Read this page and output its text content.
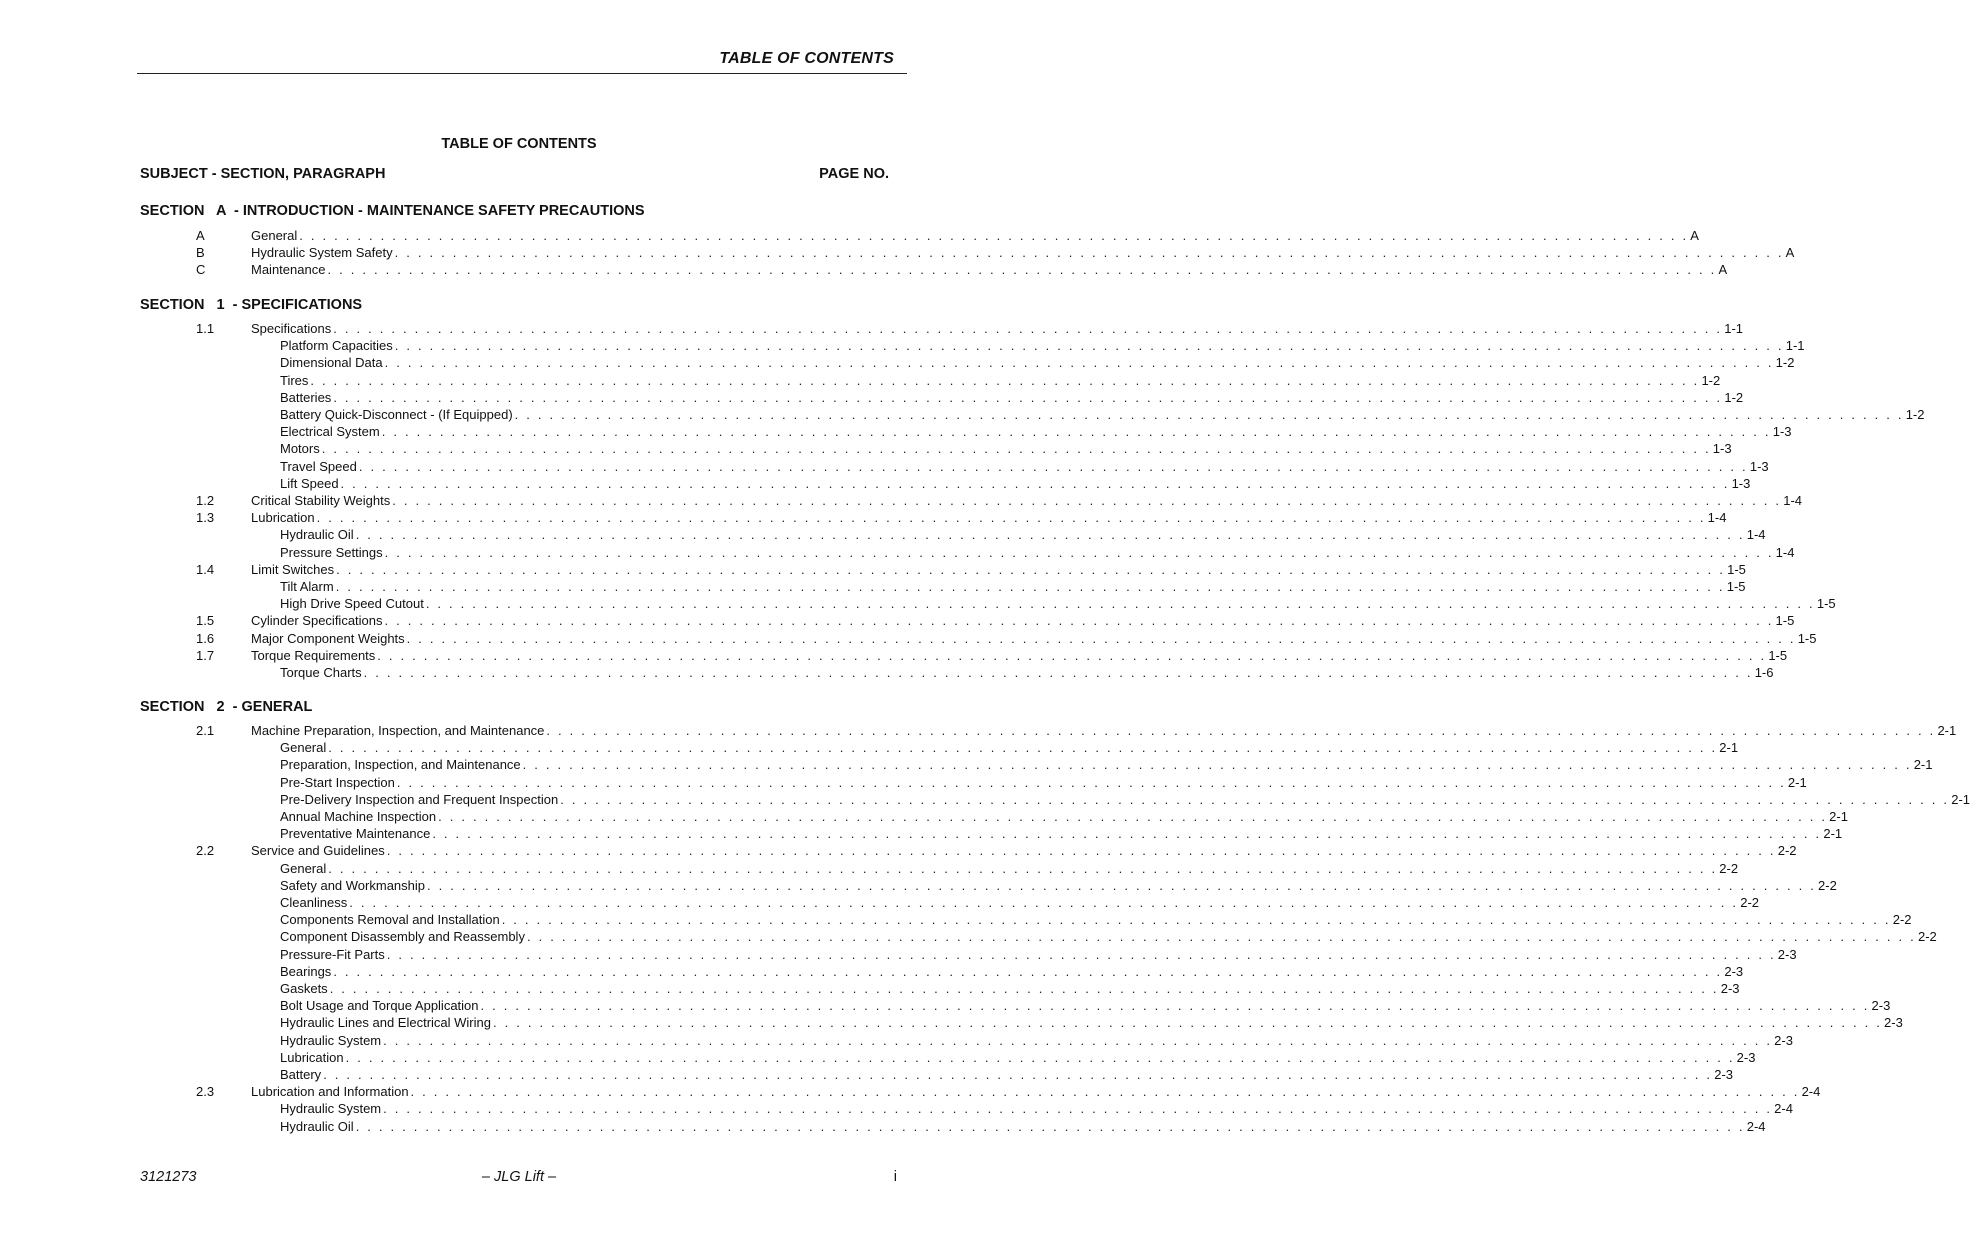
TABLE OF CONTENTS
TABLE OF CONTENTS
SUBJECT - SECTION, PARAGRAPH	PAGE NO.
SECTION   A  - INTRODUCTION - MAINTENANCE SAFETY PRECAUTIONS
A	General . . . . . . . . . . . . . . . . . . . . . . . . . . . . . . . . . . . . . . . . . . . . . . . . . . . . . . . . . . . . . . . . . . . . . . . . . . . . . . . . . . . . . . . . . . . . . . . . . . . . . . . . . . . . . . . . . . . . . . . . A
B	Hydraulic System Safety . . . . . . . . . . . . . . . . . . . . . . . . . . . . . . . . . . . . . . . . . . . . . . . . . . . . . . . . . . . . . . . . . . . . . . . . . . . . . . . . . . . . . . . . . . . . . . . . . . . . . . . . . . . . . . . . . . . . . . . . A
C	Maintenance . . . . . . . . . . . . . . . . . . . . . . . . . . . . . . . . . . . . . . . . . . . . . . . . . . . . . . . . . . . . . . . . . . . . . . . . . . . . . . . . . . . . . . . . . . . . . . . . . . . . . . . . . . . . . . . . . . . . . . . . A
SECTION   1  - SPECIFICATIONS
1.1	Specifications . . . . . . . . . . . . . . . . . . . . . . . . . . . . . . . . . . . . . . . . . . . . . . . . . . . . . . . . . . . . . . . . . . . . . . . . . . . . . . . . . . . . . . . . . . . . . . . . . . . . . . . . . . . . . . . . . . . . . . . . 1-1
Platform Capacities . . . . . . . . . . . . . . . . . . . . . . . . . . . . . . . . . . . . . . . . . . . . . . . . . . . . . . . . . . . . . . . . . . . . . . . . . . . . . . . . . . . . . . . . . . . . . . . . . . . . . . . . . . . . . . . . . . . . . . . . 1-1
Dimensional Data . . . . . . . . . . . . . . . . . . . . . . . . . . . . . . . . . . . . . . . . . . . . . . . . . . . . . . . . . . . . . . . . . . . . . . . . . . . . . . . . . . . . . . . . . . . . . . . . . . . . . . . . . . . . . . . . . . . . . . . . 1-2
Tires . . . . . . . . . . . . . . . . . . . . . . . . . . . . . . . . . . . . . . . . . . . . . . . . . . . . . . . . . . . . . . . . . . . . . . . . . . . . . . . . . . . . . . . . . . . . . . . . . . . . . . . . . . . . . . . . . . . . . . . . 1-2
Batteries . . . . . . . . . . . . . . . . . . . . . . . . . . . . . . . . . . . . . . . . . . . . . . . . . . . . . . . . . . . . . . . . . . . . . . . . . . . . . . . . . . . . . . . . . . . . . . . . . . . . . . . . . . . . . . . . . . . . . . . . 1-2
Battery Quick-Disconnect - (If Equipped) . . . . . . . . . . . . . . . . . . . . . . . . . . . . . . . . . . . . . . . . . . . . . . . . . . . . . . . . . . . . . . . . . . . . . . . . . . . . . . . . . . . . . . . . . . . . . . . . . . . . . . . . . . . . . . . . . . . . . . . . 1-2
Electrical System . . . . . . . . . . . . . . . . . . . . . . . . . . . . . . . . . . . . . . . . . . . . . . . . . . . . . . . . . . . . . . . . . . . . . . . . . . . . . . . . . . . . . . . . . . . . . . . . . . . . . . . . . . . . . . . . . . . . . . . . 1-3
Motors . . . . . . . . . . . . . . . . . . . . . . . . . . . . . . . . . . . . . . . . . . . . . . . . . . . . . . . . . . . . . . . . . . . . . . . . . . . . . . . . . . . . . . . . . . . . . . . . . . . . . . . . . . . . . . . . . . . . . . . . 1-3
Travel Speed . . . . . . . . . . . . . . . . . . . . . . . . . . . . . . . . . . . . . . . . . . . . . . . . . . . . . . . . . . . . . . . . . . . . . . . . . . . . . . . . . . . . . . . . . . . . . . . . . . . . . . . . . . . . . . . . . . . . . . . . 1-3
Lift Speed . . . . . . . . . . . . . . . . . . . . . . . . . . . . . . . . . . . . . . . . . . . . . . . . . . . . . . . . . . . . . . . . . . . . . . . . . . . . . . . . . . . . . . . . . . . . . . . . . . . . . . . . . . . . . . . . . . . . . . . . 1-3
1.2	Critical Stability Weights . . . . . . . . . . . . . . . . . . . . . . . . . . . . . . . . . . . . . . . . . . . . . . . . . . . . . . . . . . . . . . . . . . . . . . . . . . . . . . . . . . . . . . . . . . . . . . . . . . . . . . . . . . . . . . . . . . . . . . . . 1-4
1.3	Lubrication . . . . . . . . . . . . . . . . . . . . . . . . . . . . . . . . . . . . . . . . . . . . . . . . . . . . . . . . . . . . . . . . . . . . . . . . . . . . . . . . . . . . . . . . . . . . . . . . . . . . . . . . . . . . . . . . . . . . . . . . 1-4
Hydraulic Oil . . . . . . . . . . . . . . . . . . . . . . . . . . . . . . . . . . . . . . . . . . . . . . . . . . . . . . . . . . . . . . . . . . . . . . . . . . . . . . . . . . . . . . . . . . . . . . . . . . . . . . . . . . . . . . . . . . . . . . . . 1-4
Pressure Settings . . . . . . . . . . . . . . . . . . . . . . . . . . . . . . . . . . . . . . . . . . . . . . . . . . . . . . . . . . . . . . . . . . . . . . . . . . . . . . . . . . . . . . . . . . . . . . . . . . . . . . . . . . . . . . . . . . . . . . . . 1-4
1.4	Limit Switches . . . . . . . . . . . . . . . . . . . . . . . . . . . . . . . . . . . . . . . . . . . . . . . . . . . . . . . . . . . . . . . . . . . . . . . . . . . . . . . . . . . . . . . . . . . . . . . . . . . . . . . . . . . . . . . . . . . . . . . . 1-5
Tilt Alarm . . . . . . . . . . . . . . . . . . . . . . . . . . . . . . . . . . . . . . . . . . . . . . . . . . . . . . . . . . . . . . . . . . . . . . . . . . . . . . . . . . . . . . . . . . . . . . . . . . . . . . . . . . . . . . . . . . . . . . . . 1-5
High Drive Speed Cutout . . . . . . . . . . . . . . . . . . . . . . . . . . . . . . . . . . . . . . . . . . . . . . . . . . . . . . . . . . . . . . . . . . . . . . . . . . . . . . . . . . . . . . . . . . . . . . . . . . . . . . . . . . . . . . . . . . . . . . . . 1-5
1.5	Cylinder Specifications . . . . . . . . . . . . . . . . . . . . . . . . . . . . . . . . . . . . . . . . . . . . . . . . . . . . . . . . . . . . . . . . . . . . . . . . . . . . . . . . . . . . . . . . . . . . . . . . . . . . . . . . . . . . . . . . . . . . . . . . 1-5
1.6	Major Component Weights . . . . . . . . . . . . . . . . . . . . . . . . . . . . . . . . . . . . . . . . . . . . . . . . . . . . . . . . . . . . . . . . . . . . . . . . . . . . . . . . . . . . . . . . . . . . . . . . . . . . . . . . . . . . . . . . . . . . . . . . 1-5
1.7	Torque Requirements . . . . . . . . . . . . . . . . . . . . . . . . . . . . . . . . . . . . . . . . . . . . . . . . . . . . . . . . . . . . . . . . . . . . . . . . . . . . . . . . . . . . . . . . . . . . . . . . . . . . . . . . . . . . . . . . . . . . . . . . 1-5
Torque Charts . . . . . . . . . . . . . . . . . . . . . . . . . . . . . . . . . . . . . . . . . . . . . . . . . . . . . . . . . . . . . . . . . . . . . . . . . . . . . . . . . . . . . . . . . . . . . . . . . . . . . . . . . . . . . . . . . . . . . . . . 1-6
SECTION   2  - GENERAL
2.1	Machine Preparation, Inspection, and Maintenance . . . . . . . . . . . . . . . . . . . . . . . . . . . . . . . . . . . . . . . . . . . . . . . . . . . . . . . . . . . . . . . . . . . . . . . . . . . . . . . . . . . . . . . . . . . . . . . . . . . . . . . . . . . . . . . . . . . . . . . . 2-1
General . . . . . . . . . . . . . . . . . . . . . . . . . . . . . . . . . . . . . . . . . . . . . . . . . . . . . . . . . . . . . . . . . . . . . . . . . . . . . . . . . . . . . . . . . . . . . . . . . . . . . . . . . . . . . . . . . . . . . . . . 2-1
Preparation, Inspection, and Maintenance . . . . . . . . . . . . . . . . . . . . . . . . . . . . . . . . . . . . . . . . . . . . . . . . . . . . . . . . . . . . . . . . . . . . . . . . . . . . . . . . . . . . . . . . . . . . . . . . . . . . . . . . . . . . . . . . . . . . . . . . 2-1
Pre-Start Inspection . . . . . . . . . . . . . . . . . . . . . . . . . . . . . . . . . . . . . . . . . . . . . . . . . . . . . . . . . . . . . . . . . . . . . . . . . . . . . . . . . . . . . . . . . . . . . . . . . . . . . . . . . . . . . . . . . . . . . . . . 2-1
Pre-Delivery Inspection and Frequent Inspection . . . . . . . . . . . . . . . . . . . . . . . . . . . . . . . . . . . . . . . . . . . . . . . . . . . . . . . . . . . . . . . . . . . . . . . . . . . . . . . . . . . . . . . . . . . . . . . . . . . . . . . . . . . . . . . . . . . . . . . . 2-1
Annual Machine Inspection . . . . . . . . . . . . . . . . . . . . . . . . . . . . . . . . . . . . . . . . . . . . . . . . . . . . . . . . . . . . . . . . . . . . . . . . . . . . . . . . . . . . . . . . . . . . . . . . . . . . . . . . . . . . . . . . . . . . . . . . 2-1
Preventative Maintenance . . . . . . . . . . . . . . . . . . . . . . . . . . . . . . . . . . . . . . . . . . . . . . . . . . . . . . . . . . . . . . . . . . . . . . . . . . . . . . . . . . . . . . . . . . . . . . . . . . . . . . . . . . . . . . . . . . . . . . . . 2-1
2.2	Service and Guidelines . . . . . . . . . . . . . . . . . . . . . . . . . . . . . . . . . . . . . . . . . . . . . . . . . . . . . . . . . . . . . . . . . . . . . . . . . . . . . . . . . . . . . . . . . . . . . . . . . . . . . . . . . . . . . . . . . . . . . . . . 2-2
General . . . . . . . . . . . . . . . . . . . . . . . . . . . . . . . . . . . . . . . . . . . . . . . . . . . . . . . . . . . . . . . . . . . . . . . . . . . . . . . . . . . . . . . . . . . . . . . . . . . . . . . . . . . . . . . . . . . . . . . . 2-2
Safety and Workmanship . . . . . . . . . . . . . . . . . . . . . . . . . . . . . . . . . . . . . . . . . . . . . . . . . . . . . . . . . . . . . . . . . . . . . . . . . . . . . . . . . . . . . . . . . . . . . . . . . . . . . . . . . . . . . . . . . . . . . . . . 2-2
Cleanliness . . . . . . . . . . . . . . . . . . . . . . . . . . . . . . . . . . . . . . . . . . . . . . . . . . . . . . . . . . . . . . . . . . . . . . . . . . . . . . . . . . . . . . . . . . . . . . . . . . . . . . . . . . . . . . . . . . . . . . . . 2-2
Components Removal and Installation . . . . . . . . . . . . . . . . . . . . . . . . . . . . . . . . . . . . . . . . . . . . . . . . . . . . . . . . . . . . . . . . . . . . . . . . . . . . . . . . . . . . . . . . . . . . . . . . . . . . . . . . . . . . . . . . . . . . . . . . 2-2
Component Disassembly and Reassembly . . . . . . . . . . . . . . . . . . . . . . . . . . . . . . . . . . . . . . . . . . . . . . . . . . . . . . . . . . . . . . . . . . . . . . . . . . . . . . . . . . . . . . . . . . . . . . . . . . . . . . . . . . . . . . . . . . . . . . . . 2-2
Pressure-Fit Parts . . . . . . . . . . . . . . . . . . . . . . . . . . . . . . . . . . . . . . . . . . . . . . . . . . . . . . . . . . . . . . . . . . . . . . . . . . . . . . . . . . . . . . . . . . . . . . . . . . . . . . . . . . . . . . . . . . . . . . . . 2-3
Bearings . . . . . . . . . . . . . . . . . . . . . . . . . . . . . . . . . . . . . . . . . . . . . . . . . . . . . . . . . . . . . . . . . . . . . . . . . . . . . . . . . . . . . . . . . . . . . . . . . . . . . . . . . . . . . . . . . . . . . . . . 2-3
Gaskets . . . . . . . . . . . . . . . . . . . . . . . . . . . . . . . . . . . . . . . . . . . . . . . . . . . . . . . . . . . . . . . . . . . . . . . . . . . . . . . . . . . . . . . . . . . . . . . . . . . . . . . . . . . . . . . . . . . . . . . . 2-3
Bolt Usage and Torque Application . . . . . . . . . . . . . . . . . . . . . . . . . . . . . . . . . . . . . . . . . . . . . . . . . . . . . . . . . . . . . . . . . . . . . . . . . . . . . . . . . . . . . . . . . . . . . . . . . . . . . . . . . . . . . . . . . . . . . . . . 2-3
Hydraulic Lines and Electrical Wiring . . . . . . . . . . . . . . . . . . . . . . . . . . . . . . . . . . . . . . . . . . . . . . . . . . . . . . . . . . . . . . . . . . . . . . . . . . . . . . . . . . . . . . . . . . . . . . . . . . . . . . . . . . . . . . . . . . . . . . . . 2-3
Hydraulic System . . . . . . . . . . . . . . . . . . . . . . . . . . . . . . . . . . . . . . . . . . . . . . . . . . . . . . . . . . . . . . . . . . . . . . . . . . . . . . . . . . . . . . . . . . . . . . . . . . . . . . . . . . . . . . . . . . . . . . . . 2-3
Lubrication . . . . . . . . . . . . . . . . . . . . . . . . . . . . . . . . . . . . . . . . . . . . . . . . . . . . . . . . . . . . . . . . . . . . . . . . . . . . . . . . . . . . . . . . . . . . . . . . . . . . . . . . . . . . . . . . . . . . . . . . 2-3
Battery . . . . . . . . . . . . . . . . . . . . . . . . . . . . . . . . . . . . . . . . . . . . . . . . . . . . . . . . . . . . . . . . . . . . . . . . . . . . . . . . . . . . . . . . . . . . . . . . . . . . . . . . . . . . . . . . . . . . . . . . 2-3
2.3	Lubrication and Information . . . . . . . . . . . . . . . . . . . . . . . . . . . . . . . . . . . . . . . . . . . . . . . . . . . . . . . . . . . . . . . . . . . . . . . . . . . . . . . . . . . . . . . . . . . . . . . . . . . . . . . . . . . . . . . . . . . . . . . . 2-4
Hydraulic System . . . . . . . . . . . . . . . . . . . . . . . . . . . . . . . . . . . . . . . . . . . . . . . . . . . . . . . . . . . . . . . . . . . . . . . . . . . . . . . . . . . . . . . . . . . . . . . . . . . . . . . . . . . . . . . . . . . . . . . . 2-4
Hydraulic Oil . . . . . . . . . . . . . . . . . . . . . . . . . . . . . . . . . . . . . . . . . . . . . . . . . . . . . . . . . . . . . . . . . . . . . . . . . . . . . . . . . . . . . . . . . . . . . . . . . . . . . . . . . . . . . . . . . . . . . . . . 2-4
3121273	– JLG Lift –	i
